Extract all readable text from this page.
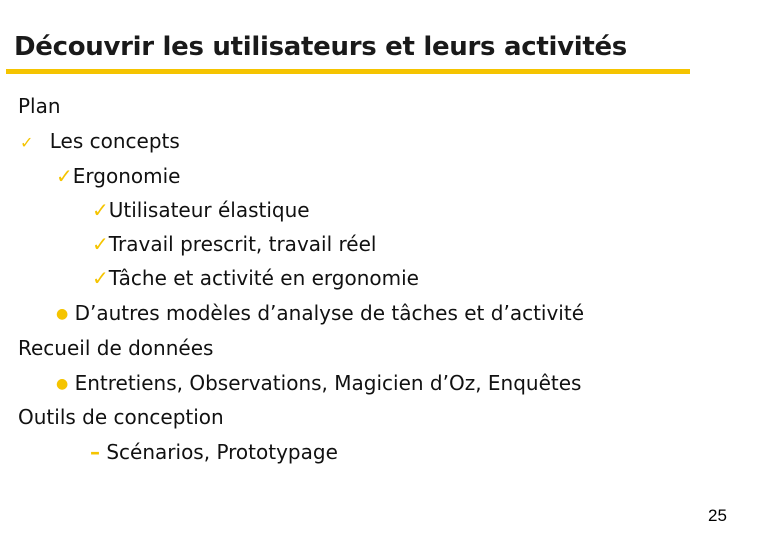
Découvrir les utilisateurs et leurs activités
Plan
✓ Les concepts
✓Ergonomie
✓Utilisateur élastique
✓Travail prescrit, travail réel
✓Tâche et activité en ergonomie
● D’autres modèles d’analyse de tâches et d’activité
Recueil de données
● Entretiens, Observations, Magicien d’Oz, Enquêtes
Outils de conception
– Scénarios, Prototypage
25
